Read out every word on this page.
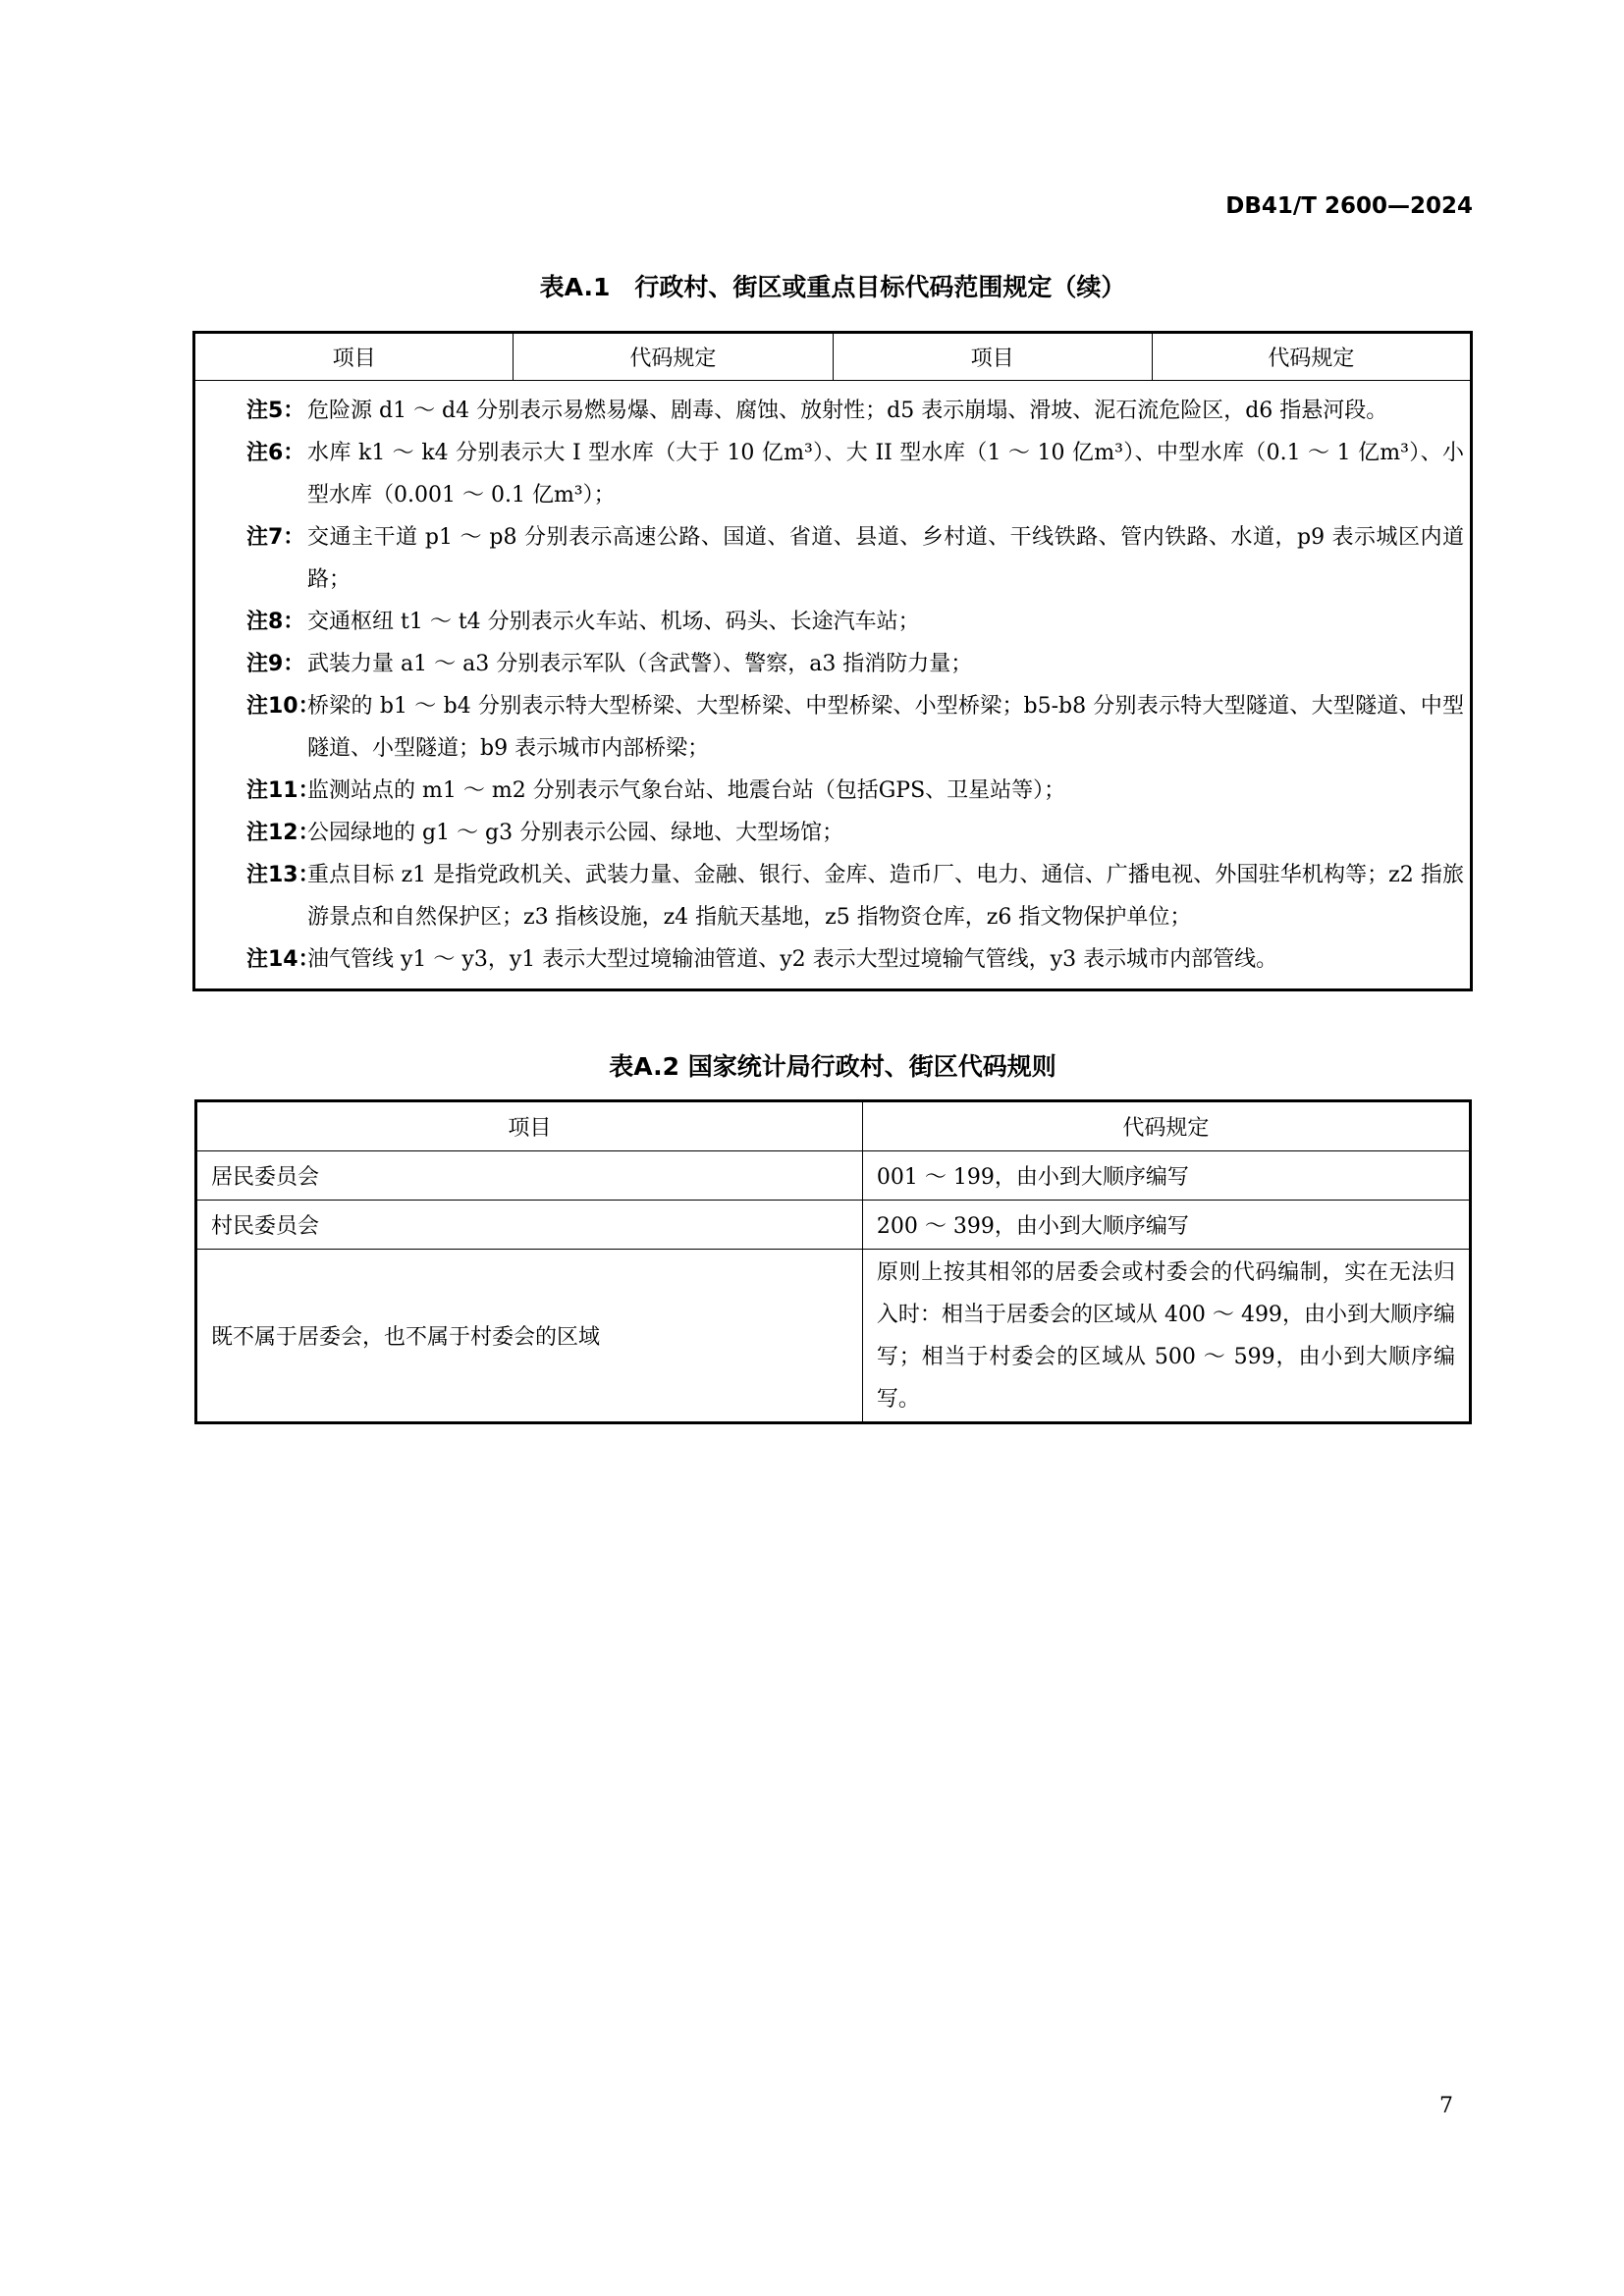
DB41/T 2600—2024
表A.1　行政村、街区或重点目标代码范围规定（续）
项目	代码规定	项目	代码规定

注5： 危险源 d1 ～ d4 分别表示易燃易爆、剧毒、腐蚀、放射性；d5 表示崩塌、滑坡、泥石流危险区，d6 指悬河段。
注6： 水库 k1 ～ k4 分别表示大 I 型水库（大于 10 亿m³）、大 II 型水库（1 ～ 10 亿m³）、中型水库（0.1 ～ 1 亿m³）、小型水库（0.001 ～ 0.1 亿m³）；
注7： 交通主干道 p1 ～ p8 分别表示高速公路、国道、省道、县道、乡村道、干线铁路、管内铁路、水道，p9 表示城区内道路；
注8： 交通枢纽 t1 ～ t4 分别表示火车站、机场、码头、长途汽车站；
注9： 武装力量 a1 ～ a3 分别表示军队（含武警）、警察，a3 指消防力量；
注10：
桥梁的 b1 ～ b4 分别表示特大型桥梁、大型桥梁、中型桥梁、小型桥梁；b5-b8 分别表示特大型隧道、大型隧道、中型隧道、小型隧道；b9 表示城市内部桥梁；
注11：
监测站点的 m1 ～ m2 分别表示气象台站、地震台站（包括GPS、卫星站等）；
注12：
公园绿地的 g1 ～ g3 分别表示公园、绿地、大型场馆；
注13：
重点目标 z1 是指党政机关、武装力量、金融、银行、金库、造币厂、电力、通信、广播电视、外国驻华机构等；z2 指旅游景点和自然保护区；z3 指核设施，z4 指航天基地，z5 指物资仓库，z6 指文物保护单位；
注14：
油气管线 y1 ～ y3，y1 表示大型过境输油管道、y2 表示大型过境输气管线，y3 表示城市内部管线。
表A.2 国家统计局行政村、街区代码规则
项目	代码规定
居民委员会	001 ～ 199，由小到大顺序编写
村民委员会	200 ～ 399，由小到大顺序编写
既不属于居委会，也不属于村委会的区域	原则上按其相邻的居委会或村委会的代码编制，实在无法归入时：相当于居委会的区域从 400 ～ 499，由小到大顺序编写；相当于村委会的区域从 500 ～ 599，由小到大顺序编写。
7
